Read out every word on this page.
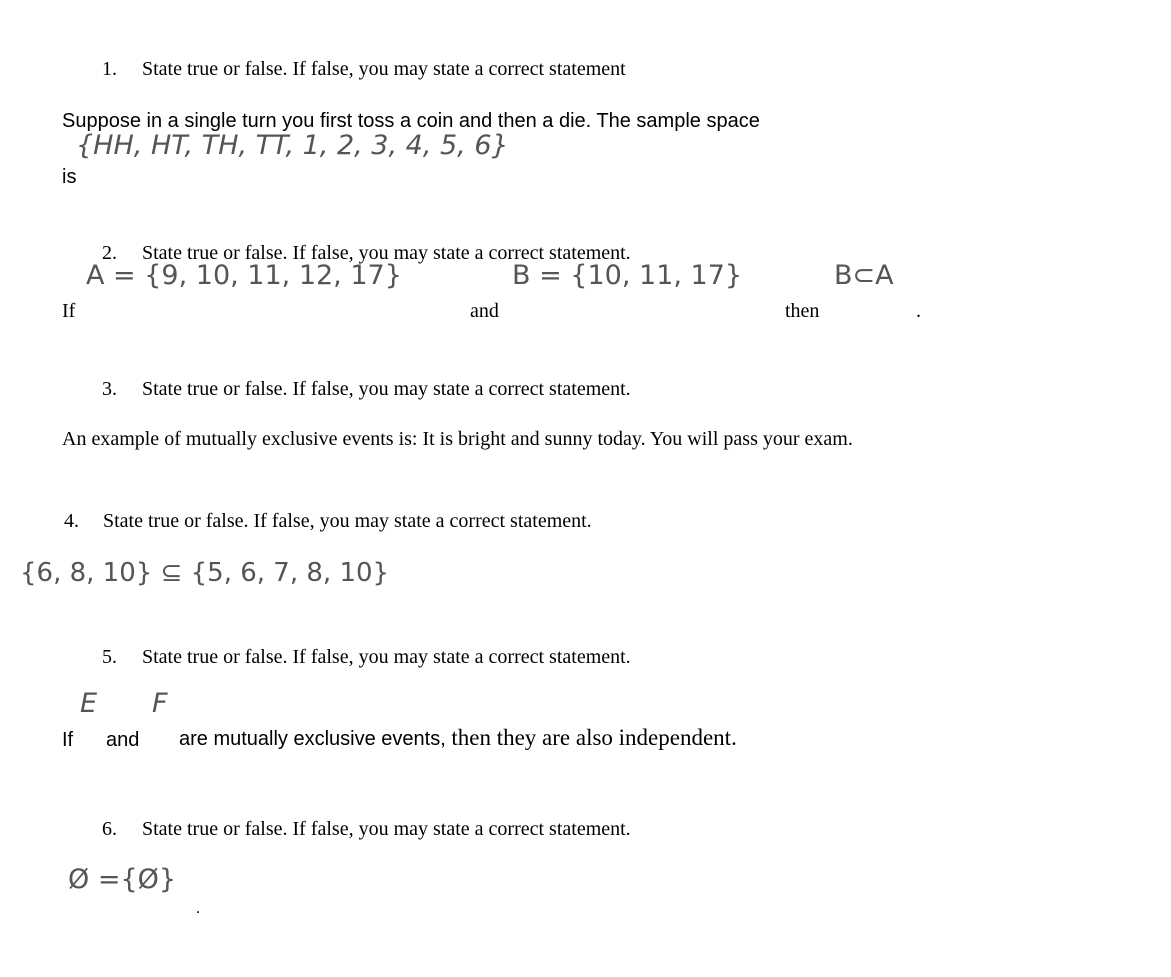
1. State true or false. If false, you may state a correct statement
Suppose in a single turn you first toss a coin and then a die. The sample space
{HH, HT, TH, TT, 1, 2, 3, 4, 5, 6}
is
2. State true or false. If false, you may state a correct statement.
A = {9, 10, 11, 12, 17}	B = {10, 11, 17}	B⊂A
If	and	then	.
3. State true or false. If false, you may state a correct statement.
An example of mutually exclusive events is: It is bright and sunny today. You will pass your exam.
4. State true or false. If false, you may state a correct statement.
{6, 8, 10} ⊆ {5, 6, 7, 8, 10}
5. State true or false. If false, you may state a correct statement.
E F
If and are mutually exclusive events, then they are also independent.
6. State true or false. If false, you may state a correct statement.
Ø ={Ø}
.
